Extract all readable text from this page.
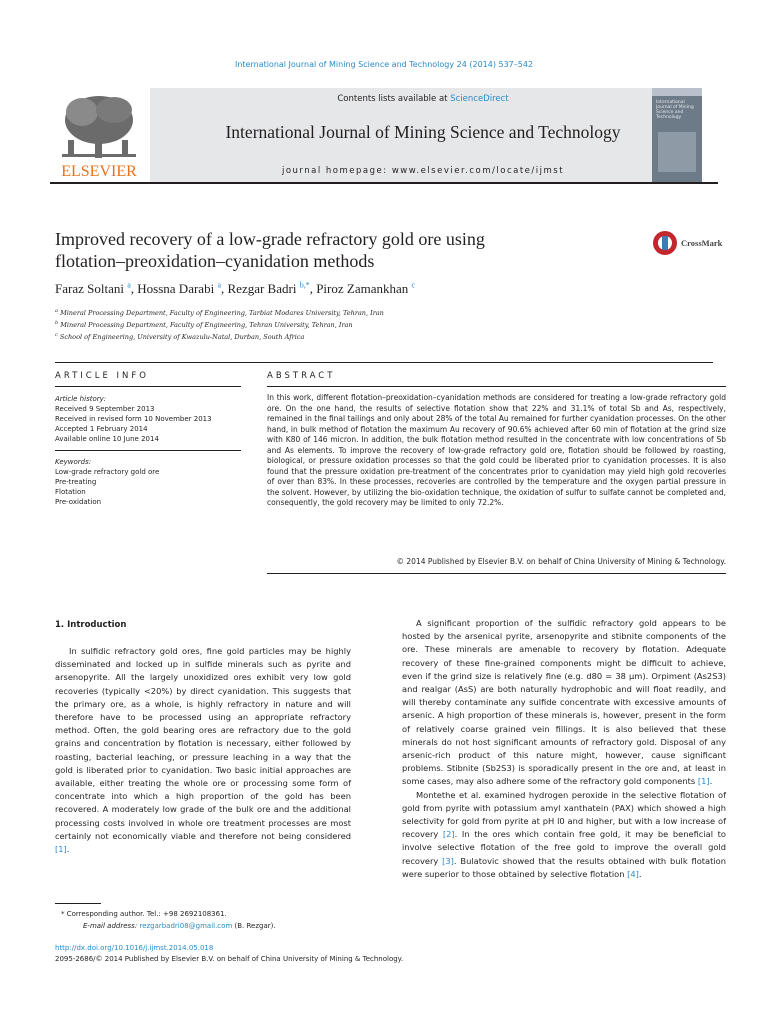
International Journal of Mining Science and Technology 24 (2014) 537–542
ELSEVIER
Contents lists available at ScienceDirect
International Journal of Mining Science and Technology
journal homepage: www.elsevier.com/locate/ijmst
International Journal of Mining Science and Technology
Improved recovery of a low-grade refractory gold ore using
flotation–preoxidation–cyanidation methods
CrossMark
Faraz Soltani $^a$, Hossna Darabi $^a$, Rezgar Badri $^{b,*}$, Piroz Zamankhan $^c$
$^a$ Mineral Processing Department, Faculty of Engineering, Tarbiat Modares University, Tehran, Iran
$^b$ Mineral Processing Department, Faculty of Engineering, Tehran University, Tehran, Iran
$^c$ School of Engineering, University of Kwazulu-Natal, Durban, South Africa
ARTICLE INFO	ABSTRACT
Article history:
Received 9 September 2013
Received in revised form 10 November 2013
Accepted 1 February 2014
Available online 10 June 2014
Keywords:
Low-grade refractory gold ore
Pre-treating
Flotation
Pre-oxidation
In this work, different flotation–preoxidation–cyanidation methods are considered for treating a low-grade refractory gold ore. On the one hand, the results of selective flotation show that 22% and 31.1% of total Sb and As, respectively, remained in the final tailings and only about 28% of the total Au remained for further cyanidation processes. On the other hand, in bulk method of flotation the maximum Au recovery of 90.6% achieved after 60 min of flotation at the grind size with K80 of 146 micron. In addition, the bulk flotation method resulted in the concentrate with low concentrations of Sb and As elements. To improve the recovery of low-grade refractory gold ore, flotation should be followed by roasting, biological, or pressure oxidation processes so that the gold could be liberated prior to cyanidation processes. It is also found that the pressure oxidation pre-treatment of the concentrates prior to cyanidation may yield high gold recoveries of over than 83%. In these processes, recoveries are controlled by the temperature and the oxygen partial pressure in the solvent. However, by utilizing the bio-oxidation technique, the oxidation of sulfur to sulfate cannot be completed and, consequently, the gold recovery may be limited to only 72.2%.
© 2014 Published by Elsevier B.V. on behalf of China University of Mining & Technology.
1. Introduction

In sulfidic refractory gold ores, fine gold particles may be highly disseminated and locked up in sulfide minerals such as pyrite and arsenopyrite. All the largely unoxidized ores exhibit very low gold recoveries (typically <20%) by direct cyanidation. This suggests that the primary ore, as a whole, is highly refractory in nature and will therefore have to be processed using an appropriate refractory method. Often, the gold bearing ores are refractory due to the gold grains and concentration by flotation is necessary, either followed by roasting, bacterial leaching, or pressure leaching in a way that the gold is liberated prior to cyanidation. Two basic initial approaches are available, either treating the whole ore or processing some form of concentrate into which a high proportion of the gold has been recovered. A moderately low grade of the bulk ore and the additional processing costs involved in whole ore treatment processes are most certainly not economically viable and therefore not being considered [1].

A significant proportion of the sulfidic refractory gold appears to be hosted by the arsenical pyrite, arsenopyrite and stibnite components of the ore. These minerals are amenable to recovery by flotation. Adequate recovery of these fine-grained components might be difficult to achieve, even if the grind size is relatively fine (e.g. d80 = 38 μm). Orpiment (As2S3) and realgar (AsS) are both naturally hydrophobic and will float readily, and will thereby contaminate any sulfide concentrate with excessive amounts of arsenic. A high proportion of these minerals is, however, present in the form of relatively coarse grained vein fillings. It is also believed that these minerals do not host significant amounts of refractory gold. Disposal of any arsenic-rich product of this nature might, however, cause significant problems. Stibnite (Sb2S3) is sporadically present in the ore and, at least in some cases, may also adhere some of the refractory gold components [1].

Montethe et al. examined hydrogen peroxide in the selective flotation of gold from pyrite with potassium amyl xanthatein (PAX) which showed a high selectivity for gold from pyrite at pH l0 and higher, but with a low increase of recovery [2]. In the ores which contain free gold, it may be beneficial to involve selective flotation of the free gold to improve the overall gold recovery [3]. Bulatovic showed that the results obtained with bulk flotation were superior to those obtained by selective flotation [4].

* Corresponding author. Tel.: +98 2692108361.
E-mail address: rezgarbadri08@gmail.com (B. Rezgar).
http://dx.doi.org/10.1016/j.ijmst.2014.05.018
2095-2686/© 2014 Published by Elsevier B.V. on behalf of China University of Mining & Technology.
